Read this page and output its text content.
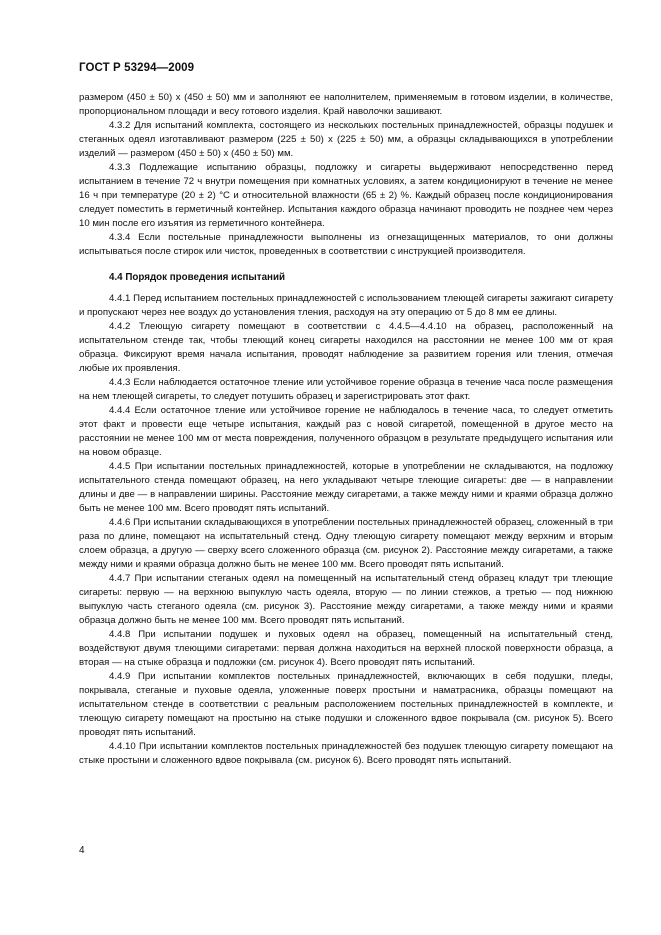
ГОСТ Р 53294—2009

размером (450 ± 50) х (450 ± 50) мм и заполняют ее наполнителем, применяемым в готовом изделии, в количестве, пропорциональном площади и весу готового изделия. Край наволочки зашивают.

4.3.2 Для испытаний комплекта, состоящего из нескольких постельных принадлежностей, образцы подушек и стеганных одеял изготавливают размером (225 ± 50) х (225 ± 50) мм, а образцы складывающихся в употреблении изделий — размером (450 ± 50) х (450 ± 50) мм.

4.3.3 Подлежащие испытанию образцы, подложку и сигареты выдерживают непосредственно перед испытанием в течение 72 ч внутри помещения при комнатных условиях, а затем кондиционируют в течение не менее 16 ч при температуре (20 ± 2) °С и относительной влажности (65 ± 2) %. Каждый образец после кондиционирования следует поместить в герметичный контейнер. Испытания каждого образца начинают проводить не позднее чем через 10 мин после его изъятия из герметичного контейнера.

4.3.4 Если постельные принадлежности выполнены из огнезащищенных материалов, то они должны испытываться после стирок или чисток, проведенных в соответствии с инструкцией производителя.

4.4 Порядок проведения испытаний

4.4.1 Перед испытанием постельных принадлежностей с использованием тлеющей сигареты зажигают сигарету и пропускают через нее воздух до установления тления, расходуя на эту операцию от 5 до 8 мм ее длины.

4.4.2 Тлеющую сигарету помещают в соответствии с 4.4.5—4.4.10 на образец, расположенный на испытательном стенде так, чтобы тлеющий конец сигареты находился на расстоянии не менее 100 мм от края образца. Фиксируют время начала испытания, проводят наблюдение за развитием горения или тления, отмечая любые их проявления.

4.4.3 Если наблюдается остаточное тление или устойчивое горение образца в течение часа после размещения на нем тлеющей сигареты, то следует потушить образец и зарегистрировать этот факт.

4.4.4 Если остаточное тление или устойчивое горение не наблюдалось в течение часа, то следует отметить этот факт и провести еще четыре испытания, каждый раз с новой сигаретой, помещенной в другое место на расстоянии не менее 100 мм от места повреждения, полученного образцом в результате предыдущего испытания или на новом образце.

4.4.5 При испытании постельных принадлежностей, которые в употреблении не складываются, на подложку испытательного стенда помещают образец, на него укладывают четыре тлеющие сигареты: две — в направлении длины и две — в направлении ширины. Расстояние между сигаретами, а также между ними и краями образца должно быть не менее 100 мм. Всего проводят пять испытаний.

4.4.6 При испытании складывающихся в употреблении постельных принадлежностей образец, сложенный в три раза по длине, помещают на испытательный стенд. Одну тлеющую сигарету помещают между верхним и вторым слоем образца, а другую — сверху всего сложенного образца (см. рисунок 2). Расстояние между сигаретами, а также между ними и краями образца должно быть не менее 100 мм. Всего проводят пять испытаний.

4.4.7 При испытании стеганых одеял на помещенный на испытательный стенд образец кладут три тлеющие сигареты: первую — на верхнюю выпуклую часть одеяла, вторую — по линии стежков, а третью — под нижнюю выпуклую часть стеганого одеяла (см. рисунок 3). Расстояние между сигаретами, а также между ними и краями образца должно быть не менее 100 мм. Всего проводят пять испытаний.

4.4.8 При испытании подушек и пуховых одеял на образец, помещенный на испытательный стенд, воздействуют двумя тлеющими сигаретами: первая должна находиться на верхней плоской поверхности образца, а вторая — на стыке образца и подложки (см. рисунок 4). Всего проводят пять испытаний.

4.4.9 При испытании комплектов постельных принадлежностей, включающих в себя подушки, пледы, покрывала, стеганые и пуховые одеяла, уложенные поверх простыни и наматрасника, образцы помещают на испытательном стенде в соответствии с реальным расположением постельных принадлежностей в комплекте, и тлеющую сигарету помещают на простыню на стыке подушки и сложенного вдвое покрывала (см. рисунок 5). Всего проводят пять испытаний.

4.4.10 При испытании комплектов постельных принадлежностей без подушек тлеющую сигарету помещают на стыке простыни и сложенного вдвое покрывала (см. рисунок 6). Всего проводят пять испытаний.

4
